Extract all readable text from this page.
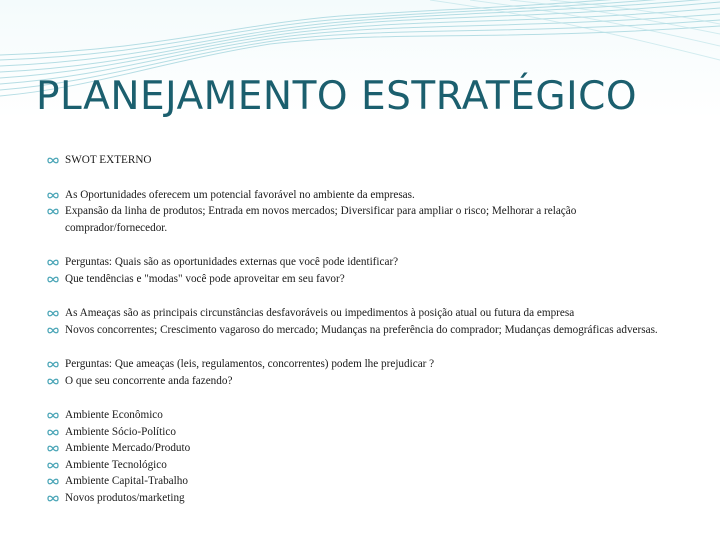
PLANEJAMENTO ESTRATÉGICO
SWOT EXTERNO
As Oportunidades oferecem um potencial favorável no ambiente da empresas.
Expansão da linha de produtos; Entrada em novos mercados; Diversificar para ampliar o risco; Melhorar a relação comprador/fornecedor.
Perguntas: Quais são as oportunidades externas que você pode identificar?
Que tendências e "modas" você pode aproveitar em seu favor?
As Ameaças são as principais circunstâncias desfavoráveis ou impedimentos à posição atual ou futura da empresa
Novos concorrentes; Crescimento vagaroso do mercado; Mudanças na preferência do comprador; Mudanças demográficas adversas.
Perguntas: Que ameaças (leis, regulamentos, concorrentes) podem lhe prejudicar ?
O que seu concorrente anda fazendo?
Ambiente Econômico
Ambiente Sócio-Político
Ambiente Mercado/Produto
Ambiente Tecnológico
Ambiente Capital-Trabalho
Novos produtos/marketing
